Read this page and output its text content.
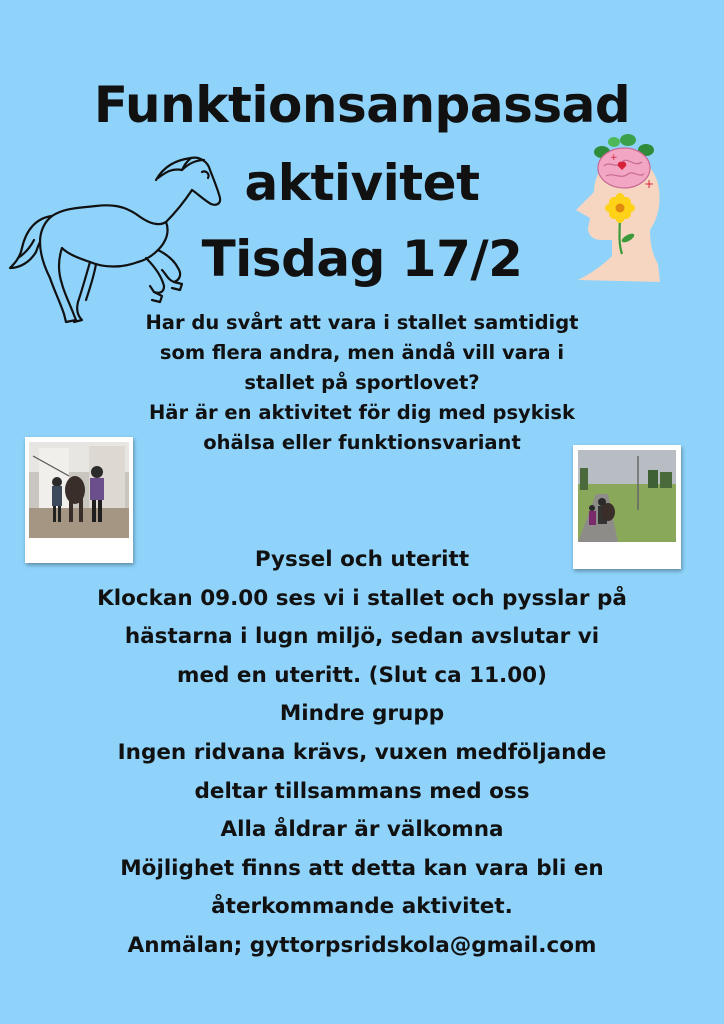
Funktionsanpassad
aktivitet
Tisdag 17/2
+
+
Har du svårt att vara i stallet samtidigt
som flera andra, men ändå vill vara i
stallet på sportlovet?
Här är en aktivitet för dig med psykisk
ohälsa eller funktionsvariant
Pyssel och uteritt
Klockan 09.00 ses vi i stallet och pysslar på
hästarna i lugn miljö, sedan avslutar vi
med en uteritt. (Slut ca 11.00)
Mindre grupp
Ingen ridvana krävs, vuxen medföljande
deltar tillsammans med oss
Alla åldrar är välkomna
Möjlighet finns att detta kan vara bli en
återkommande aktivitet.
Anmälan; gyttorpsridskola@gmail.com
